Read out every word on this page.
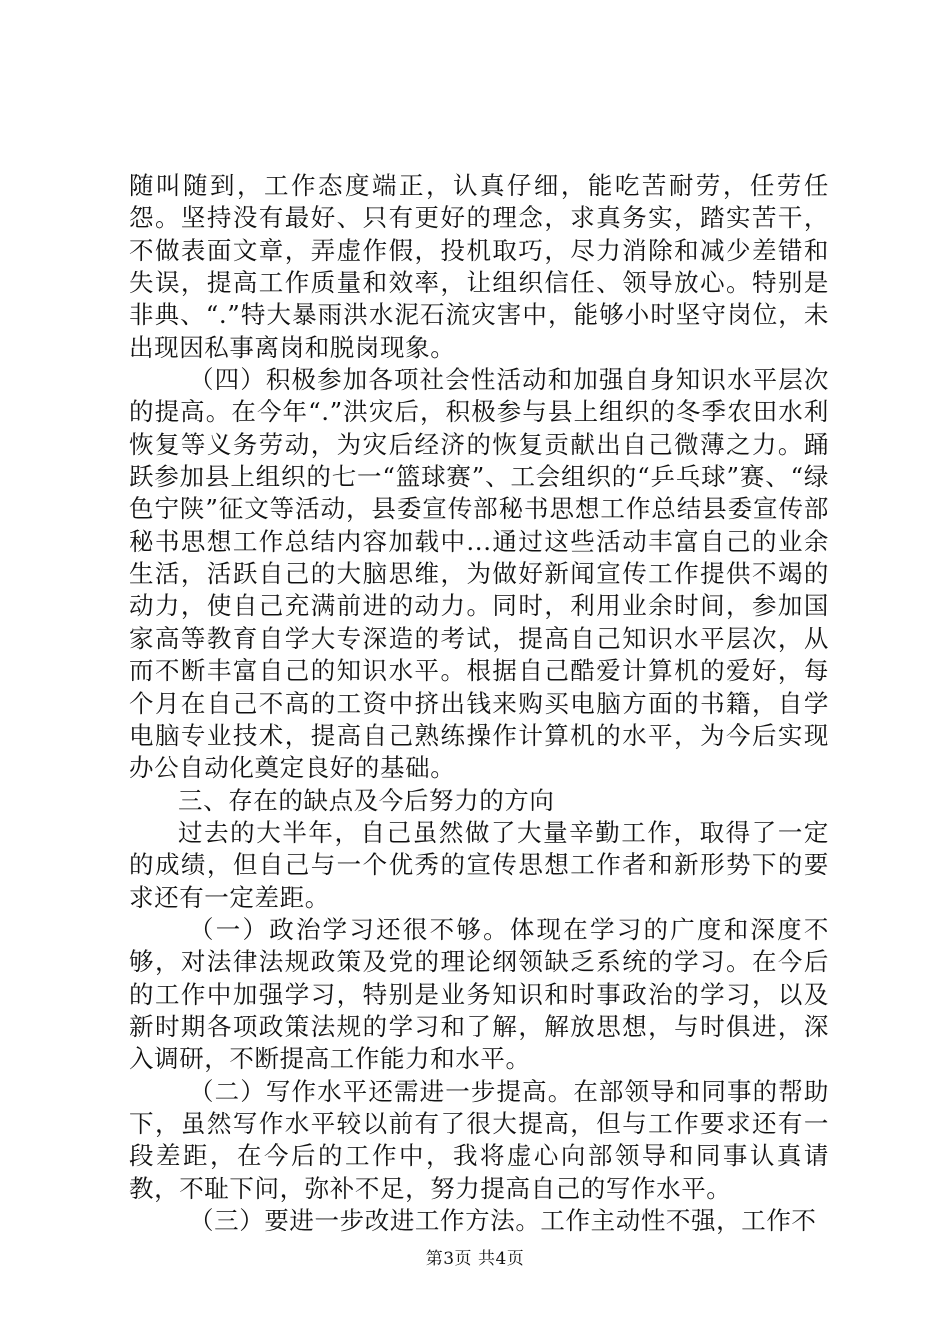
随叫随到，工作态度端正，认真仔细，能吃苦耐劳，任劳任怨。坚持没有最好、只有更好的理念，求真务实，踏实苦干，不做表面文章，弄虚作假，投机取巧，尽力消除和减少差错和失误，提高工作质量和效率，让组织信任、领导放心。特别是非典、“.”特大暴雨洪水泥石流灾害中，能够小时坚守岗位，未出现因私事离岗和脱岗现象。

（四）积极参加各项社会性活动和加强自身知识水平层次的提高。在今年“.”洪灾后，积极参与县上组织的冬季农田水利恢复等义务劳动，为灾后经济的恢复贡献出自己微薄之力。踊跃参加县上组织的七一“篮球赛”、工会组织的“乒乓球”赛、“绿色宁陕”征文等活动，县委宣传部秘书思想工作总结县委宣传部秘书思想工作总结内容加载中...通过这些活动丰富自己的业余生活，活跃自己的大脑思维，为做好新闻宣传工作提供不竭的动力，使自己充满前进的动力。同时，利用业余时间，参加国家高等教育自学大专深造的考试，提高自己知识水平层次，从而不断丰富自己的知识水平。根据自己酷爱计算机的爱好，每个月在自己不高的工资中挤出钱来购买电脑方面的书籍，自学电脑专业技术，提高自己熟练操作计算机的水平，为今后实现办公自动化奠定良好的基础。

三、存在的缺点及今后努力的方向

过去的大半年，自己虽然做了大量辛勤工作，取得了一定的成绩，但自己与一个优秀的宣传思想工作者和新形势下的要求还有一定差距。

（一）政治学习还很不够。体现在学习的广度和深度不够，对法律法规政策及党的理论纲领缺乏系统的学习。在今后的工作中加强学习，特别是业务知识和时事政治的学习，以及新时期各项政策法规的学习和了解，解放思想，与时俱进，深入调研，不断提高工作能力和水平。

（二）写作水平还需进一步提高。在部领导和同事的帮助下，虽然写作水平较以前有了很大提高，但与工作要求还有一段差距，在今后的工作中，我将虚心向部领导和同事认真请教，不耻下问，弥补不足，努力提高自己的写作水平。

（三）要进一步改进工作方法。工作主动性不强，工作不

第3页 共4页
